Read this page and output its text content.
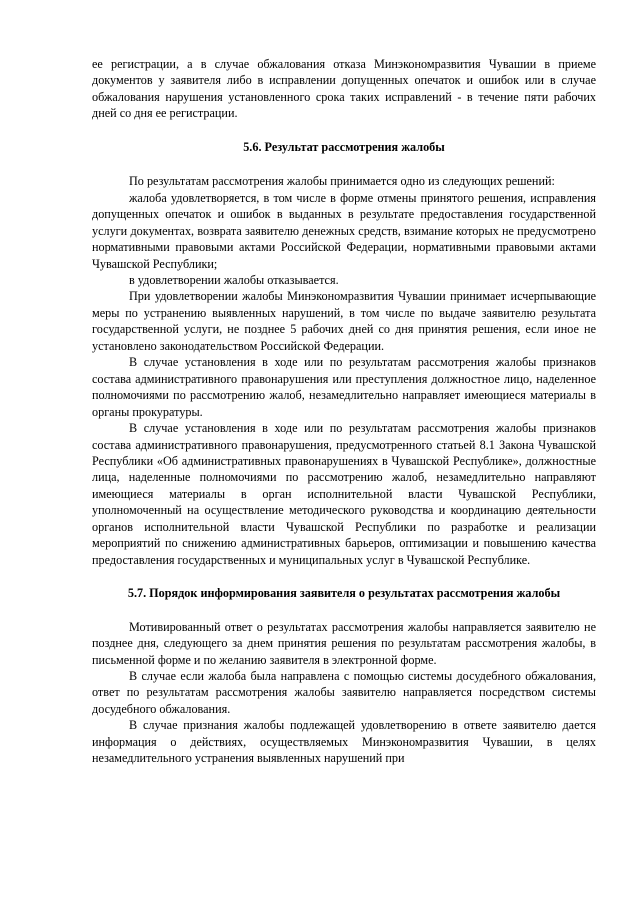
ее регистрации, а в случае обжалования отказа Минэкономразвития Чувашии в приеме документов у заявителя либо в исправлении допущенных опечаток и ошибок или в случае обжалования нарушения установленного срока таких исправлений - в течение пяти рабочих дней со дня ее регистрации.

5.6. Результат рассмотрения жалобы

По результатам рассмотрения жалобы принимается одно из следующих решений:

жалоба удовлетворяется, в том числе в форме отмены принятого решения, исправления допущенных опечаток и ошибок в выданных в результате предоставления государственной услуги документах, возврата заявителю денежных средств, взимание которых не предусмотрено нормативными правовыми актами Российской Федерации, нормативными правовыми актами Чувашской Республики;

в удовлетворении жалобы отказывается.

При удовлетворении жалобы Минэкономразвития Чувашии принимает исчерпывающие меры по устранению выявленных нарушений, в том числе по выдаче заявителю результата государственной услуги, не позднее 5 рабочих дней со дня принятия решения, если иное не установлено законодательством Российской Федерации.

В случае установления в ходе или по результатам рассмотрения жалобы признаков состава административного правонарушения или преступления должностное лицо, наделенное полномочиями по рассмотрению жалоб, незамедлительно направляет имеющиеся материалы в органы прокуратуры.

В случае установления в ходе или по результатам рассмотрения жалобы признаков состава административного правонарушения, предусмотренного статьей 8.1 Закона Чувашской Республики «Об административных правонарушениях в Чувашской Республике», должностные лица, наделенные полномочиями по рассмотрению жалоб, незамедлительно направляют имеющиеся материалы в орган исполнительной власти Чувашской Республики, уполномоченный на осуществление методического руководства и координацию деятельности органов исполнительной власти Чувашской Республики по разработке и реализации мероприятий по снижению административных барьеров, оптимизации и повышению качества предоставления государственных и муниципальных услуг в Чувашской Республике.

5.7. Порядок информирования заявителя о результатах рассмотрения жалобы

Мотивированный ответ о результатах рассмотрения жалобы направляется заявителю не позднее дня, следующего за днем принятия решения по результатам рассмотрения жалобы, в письменной форме и по желанию заявителя в электронной форме.

В случае если жалоба была направлена с помощью системы досудебного обжалования, ответ по результатам рассмотрения жалобы заявителю направляется посредством системы досудебного обжалования.

В случае признания жалобы подлежащей удовлетворению в ответе заявителю дается информация о действиях, осуществляемых Минэкономразвития Чувашии, в целях незамедлительного устранения выявленных нарушений при
